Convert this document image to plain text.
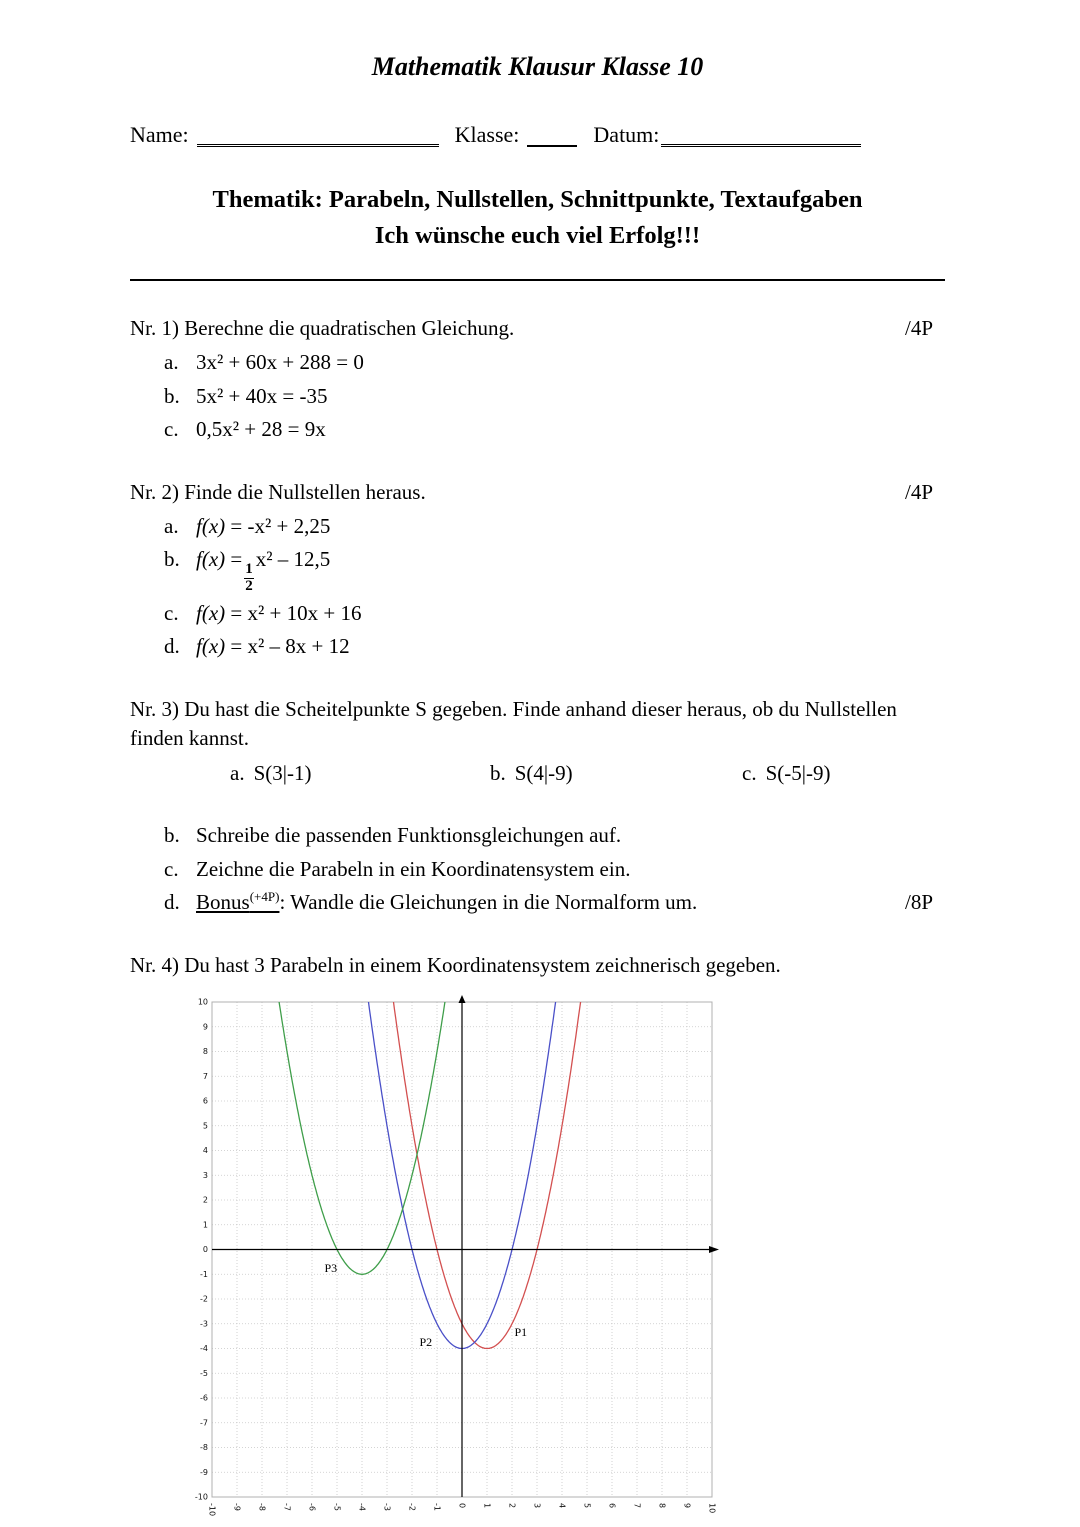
Mathematik Klausur Klasse 10
Name:	Klasse:	Datum:
Thematik: Parabeln, Nullstellen, Schnittpunkte, Textaufgaben
Ich wünsche euch viel Erfolg!!!
Nr. 1) Berechne die quadratischen Gleichung.	/4P
a. 3x² + 60x + 288 = 0
b. 5x² + 40x = -35
c. 0,5x² + 28 = 9x
Nr. 2) Finde die Nullstellen heraus.	/4P
a. f(x) = -x² + 2,25
b. f(x) =
$\frac{1}{2}$
x² – 12,5
c. f(x) = x² + 10x + 16
d. f(x) = x² – 8x + 12
Nr. 3) Du hast die Scheitelpunkte S gegeben. Finde anhand dieser heraus, ob du Nullstellen finden kannst.
a. S(3|-1)	b. S(4|-9)	c. S(-5|-9)
b. Schreibe die passenden Funktionsgleichungen auf.
c. Zeichne die Parabeln in ein Koordinatensystem ein.
d. Bonus$^{(+4P)}$: Wandle die Gleichungen in die Normalform um.	/8P
Nr. 4) Du hast 3 Parabeln in einem Koordinatensystem zeichnerisch gegeben.
10
9
8
7
6
5
4
3
2
1
0
-1
-2
-3
-4
-5
-6
-7
-8
-9
-10
-10 -9 -8 -7 -6 -5 -4 -3 -2 -1 0 1 2 3 4 5 6 7 8 9 10
P3
P2
P1
